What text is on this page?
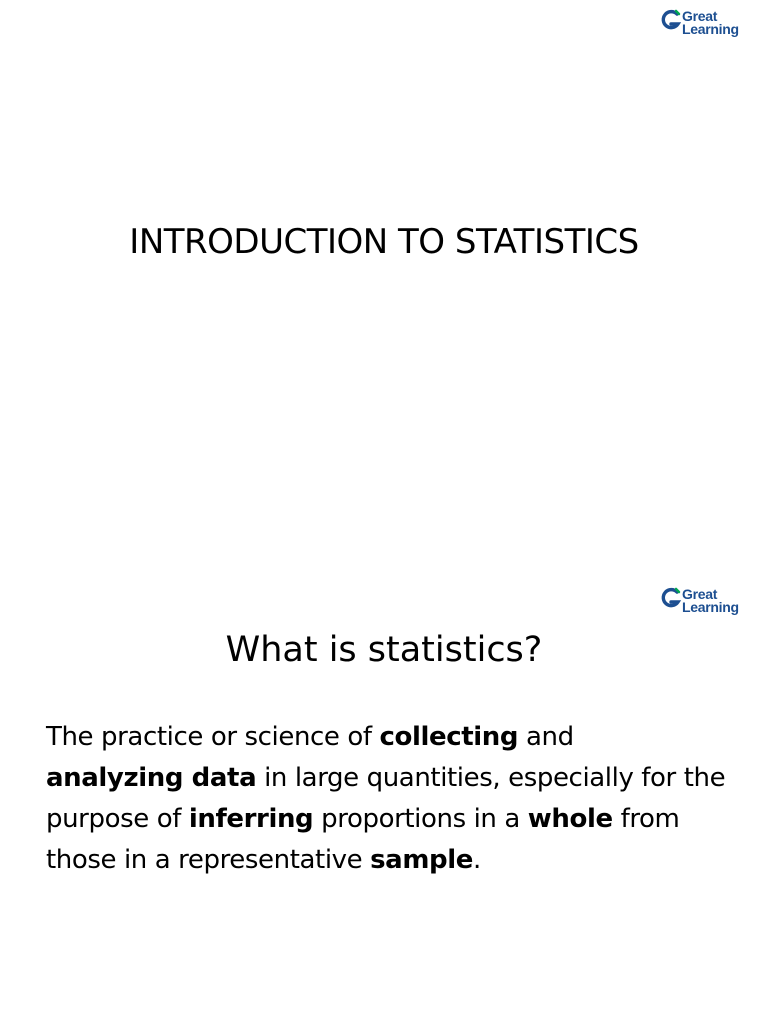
Great
Learning
INTRODUCTION TO STATISTICS
Great
Learning
What is statistics?

The practice or science of collecting and
analyzing data in large quantities, especially for the purpose of inferring proportions in a whole from those in a representative sample.
